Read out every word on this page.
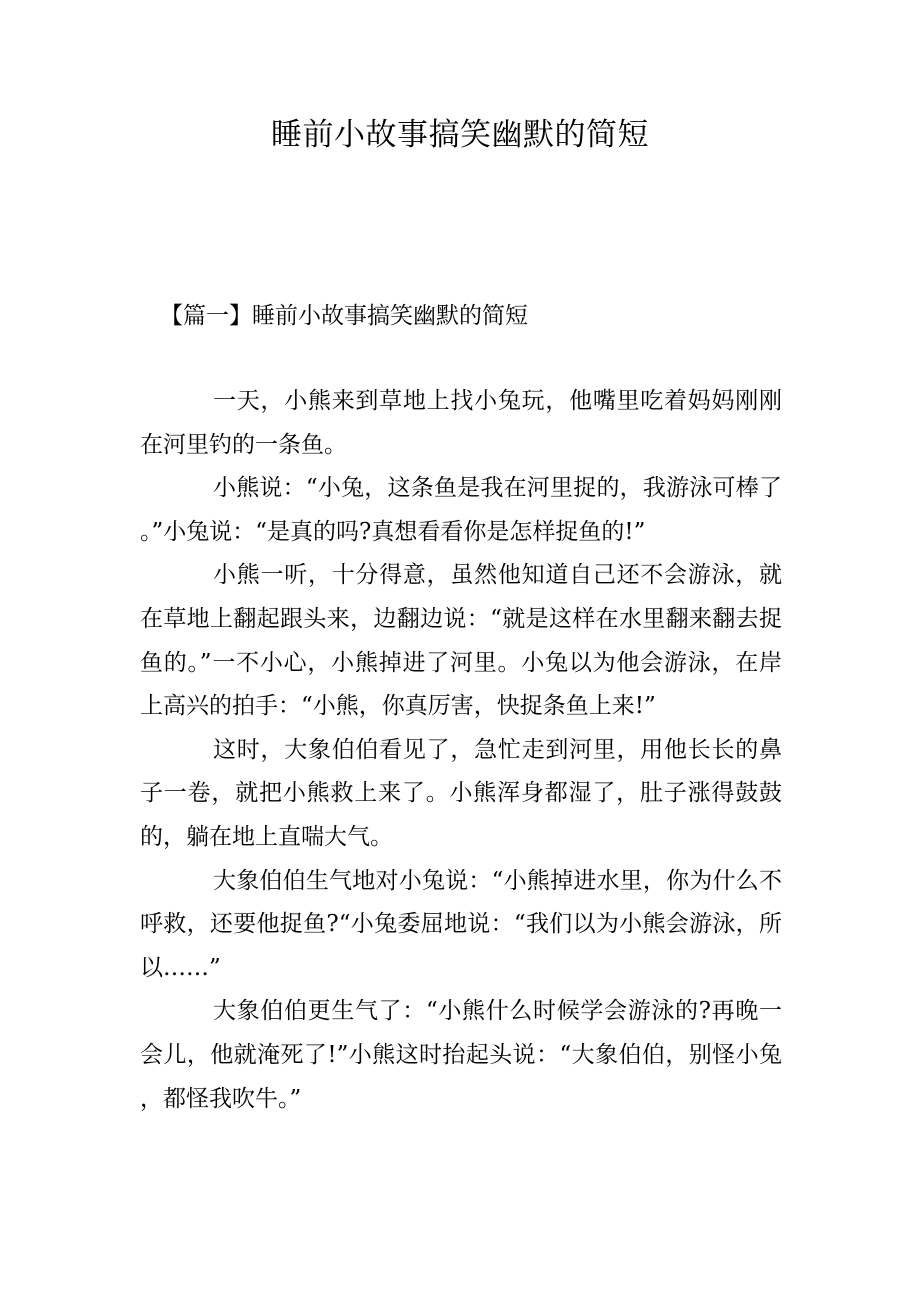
睡前小故事搞笑幽默的简短
【篇一】睡前小故事搞笑幽默的简短

一天，小熊来到草地上找小兔玩，他嘴里吃着妈妈刚刚在河里钓的一条鱼。

小熊说：“小兔，这条鱼是我在河里捉的，我游泳可棒了。”小兔说：“是真的吗?真想看看你是怎样捉鱼的!”

小熊一听，十分得意，虽然他知道自己还不会游泳，就在草地上翻起跟头来，边翻边说：“就是这样在水里翻来翻去捉鱼的。”一不小心，小熊掉进了河里。小兔以为他会游泳，在岸上高兴的拍手：“小熊，你真厉害，快捉条鱼上来!”

这时，大象伯伯看见了，急忙走到河里，用他长长的鼻子一卷，就把小熊救上来了。小熊浑身都湿了，肚子涨得鼓鼓的，躺在地上直喘大气。

大象伯伯生气地对小兔说：“小熊掉进水里，你为什么不呼救，还要他捉鱼?“小兔委屈地说：“我们以为小熊会游泳，所以……”

大象伯伯更生气了：“小熊什么时候学会游泳的?再晚一会儿，他就淹死了!”小熊这时抬起头说：“大象伯伯，别怪小兔，都怪我吹牛。”
